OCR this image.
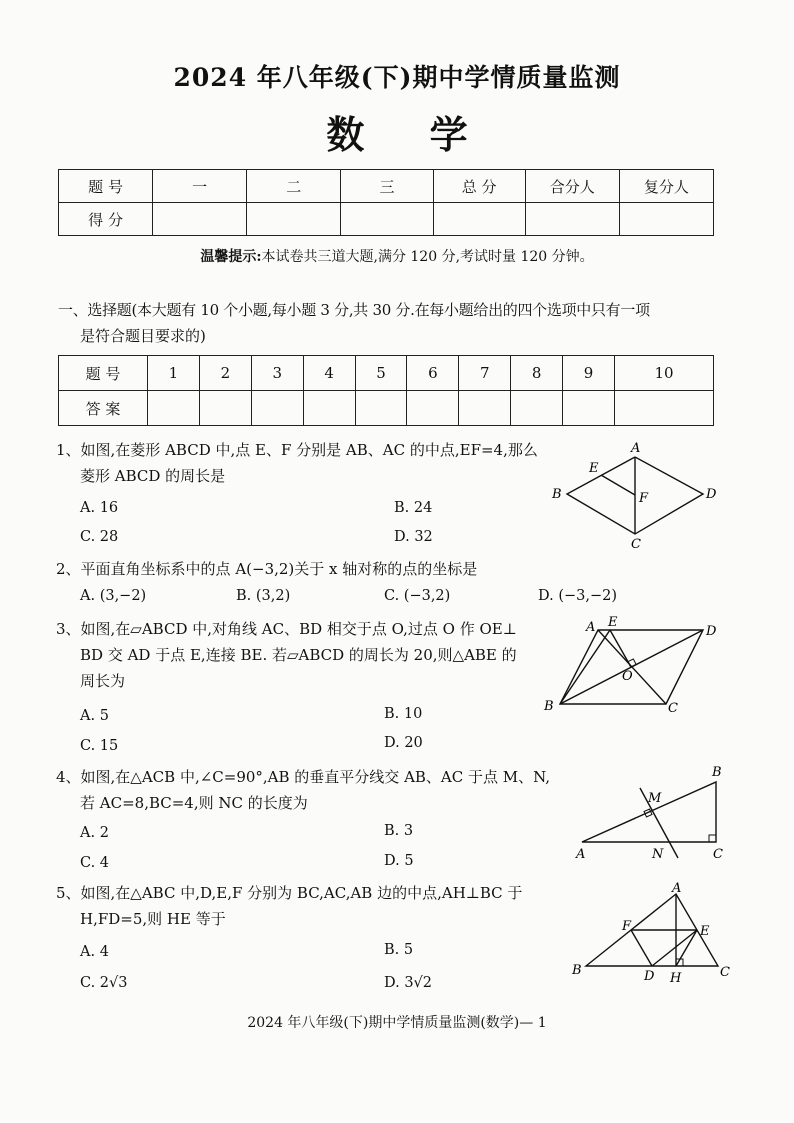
2024 年八年级(下)期中学情质量监测
数 学
题 号	一	二	三	总 分	合分人	复分人
得 分						
温馨提示:本试卷共三道大题,满分 120 分,考试时量 120 分钟。
一、选择题(本大题有 10 个小题,每小题 3 分,共 30 分.在每小题给出的四个选项中只有一项
是符合题目要求的)
题 号	1	2	3	4	5	6	7	8	9	10
答 案										
1、如图,在菱形 ABCD 中,点 E、F 分别是 AB、AC 的中点,EF=4,那么
菱形 ABCD 的周长是
A. 16	B. 24
C. 28	D. 32
A
B
C
D
E
F
2、平面直角坐标系中的点 A(−3,2)关于 x 轴对称的点的坐标是
A. (3,−2)	B. (3,2)	C. (−3,2)	D. (−3,−2)
3、如图,在▱ABCD 中,对角线 AC、BD 相交于点 O,过点 O 作 OE⊥
BD 交 AD 于点 E,连接 BE. 若▱ABCD 的周长为 20,则△ABE 的
周长为
A. 5	B. 10
C. 15	D. 20
A E
D
O
B	C
4、如图,在△ACB 中,∠C=90°,AB 的垂直平分线交 AB、AC 于点 M、N,
若 AC=8,BC=4,则 NC 的长度为
A. 2	B. 3
C. 4	D. 5
B
M
A	N	C
5、如图,在△ABC 中,D,E,F 分别为 BC,AC,AB 边的中点,AH⊥BC 于
H,FD=5,则 HE 等于
A. 4	B. 5
C. 2√3	D. 3√2
A
F	E
B	D H	C
2024 年八年级(下)期中学情质量监测(数学)— 1
